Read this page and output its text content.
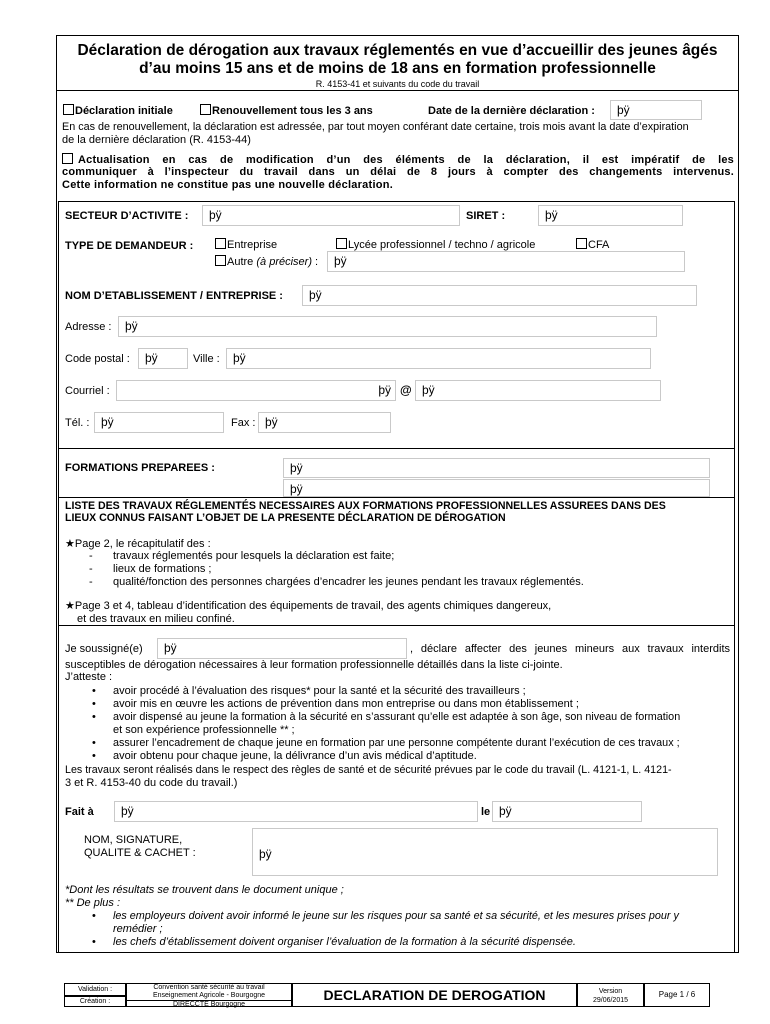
Déclaration de dérogation aux travaux réglementés en vue d’accueillir des jeunes âgés
d’au moins 15 ans et de moins de 18 ans en formation professionnelle
R. 4153-41 et suivants du code du travail
Déclaration initiale	Renouvellement tous les 3 ans	Date de la dernière déclaration :	þÿ
En cas de renouvellement, la déclaration est adressée, par tout moyen conférant date certaine, trois mois avant la date d’expiration
de la dernière déclaration (R. 4153-44)
Actualisation en cas de modification d’un des éléments de la déclaration, il est impératif de les
communiquer à l’inspecteur du travail dans un délai de 8 jours à compter des changements intervenus.
Cette information ne constitue pas une nouvelle déclaration.
SECTEUR D’ACTIVITE :	þÿ	SIRET :	þÿ
TYPE DE DEMANDEUR :	Entreprise	Lycée professionnel / techno / agricole	CFA
Autre (à préciser) :	þÿ
NOM D’ETABLISSEMENT / ENTREPRISE :	þÿ
Adresse :	þÿ
Code postal :	þÿ	Ville :	þÿ
Courriel :	þÿ @ þÿ
Tél. : þÿ	Fax : þÿ
FORMATIONS PREPAREES :	þÿ
þÿ
LISTE DES TRAVAUX RÉGLEMENTÉS NECESSAIRES AUX FORMATIONS PROFESSIONNELLES ASSUREES DANS DES
LIEUX CONNUS FAISANT L’OBJET DE LA PRESENTE DÉCLARATION DE DÉROGATION
★Page 2, le récapitulatif des :
- travaux réglementés pour lesquels la déclaration est faite;
- lieux de formations ;
- qualité/fonction des personnes chargées d’encadrer les jeunes pendant les travaux réglementés.
★Page 3 et 4, tableau d’identification des équipements de travail, des agents chimiques dangereux,
et des travaux en milieu confiné.
Je soussigné(e)	þÿ	, déclare affecter des jeunes mineurs aux travaux interdits
susceptibles de dérogation nécessaires à leur formation professionnelle détaillés dans la liste ci-jointe.
J’atteste :
• avoir procédé à l’évaluation des risques* pour la santé et la sécurité des travailleurs ;
• avoir mis en œuvre les actions de prévention dans mon entreprise ou dans mon établissement ;
• avoir dispensé au jeune la formation à la sécurité en s’assurant qu’elle est adaptée à son âge, son niveau de formation
et son expérience professionnelle ** ;
• assurer l’encadrement de chaque jeune en formation par une personne compétente durant l’exécution de ces travaux ;
• avoir obtenu pour chaque jeune, la délivrance d’un avis médical d’aptitude.
Les travaux seront réalisés dans le respect des règles de santé et de sécurité prévues par le code du travail (L. 4121-1, L. 4121-
3 et R. 4153-40 du code du travail.)
Fait à	þÿ	le þÿ
NOM, SIGNATURE,
QUALITE & CACHET :	þÿ
*Dont les résultats se trouvent dans le document unique ;
** De plus :
• les employeurs doivent avoir informé le jeune sur les risques pour sa santé et sa sécurité, et les mesures prises pour y
remédier ;
• les chefs d’établissement doivent organiser l’évaluation de la formation à la sécurité dispensée.
Validation :
Création :
Convention santé sécurité au travail
Enseignement Agricole - Bourgogne
DIRECCTE Bourgogne
DECLARATION DE DEROGATION	Version
29/06/2015
Page 1 / 6
